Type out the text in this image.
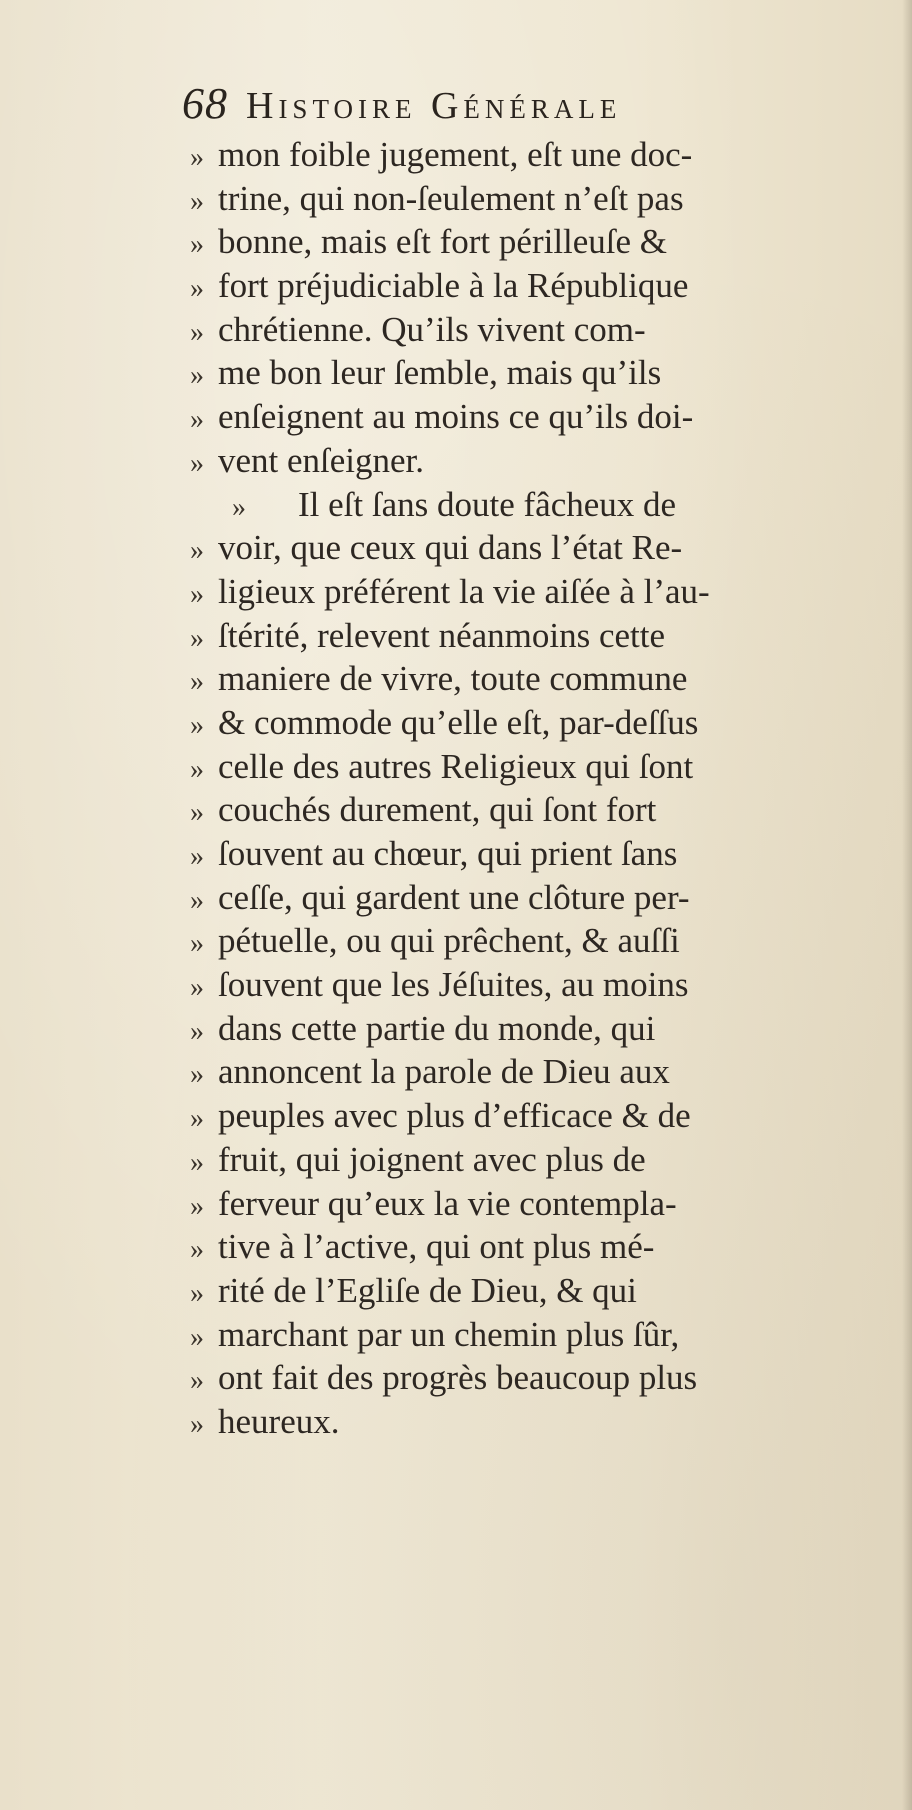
68 Histoire Générale
» mon foible jugement, eſt une doc-
» trine, qui non-ſeulement n’eſt pas
» bonne, mais eſt fort périlleuſe &
» fort préjudiciable à la République
» chrétienne. Qu’ils vivent com-
» me bon leur ſemble, mais qu’ils
» enſeignent au moins ce qu’ils doi-
» vent enſeigner.
»	Il eſt ſans doute fâcheux de
» voir, que ceux qui dans l’état Re-
» ligieux préférent la vie aiſée à l’au-
» ſtérité, relevent néanmoins cette
» maniere de vivre, toute commune
» & commode qu’elle eſt, par-deſſus
» celle des autres Religieux qui ſont
» couchés durement, qui ſont fort
» ſouvent au chœur, qui prient ſans
» ceſſe, qui gardent une clôture per-
» pétuelle, ou qui prêchent, & auſſi
» ſouvent que les Jéſuites, au moins
» dans cette partie du monde, qui
» annoncent la parole de Dieu aux
» peuples avec plus d’efficace & de
» fruit, qui joignent avec plus de
» ferveur qu’eux la vie contempla-
» tive à l’active, qui ont plus mé-
» rité de l’Egliſe de Dieu, & qui
» marchant par un chemin plus ſûr,
» ont fait des progrès beaucoup plus
» heureux.
